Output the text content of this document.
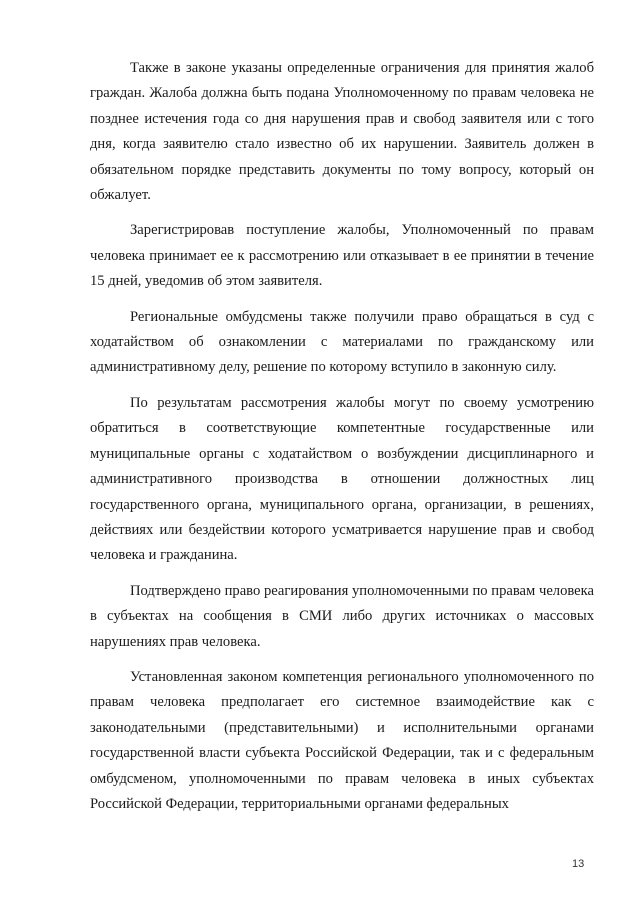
Также в законе указаны определенные ограничения для принятия жалоб граждан. Жалоба должна быть подана Уполномоченному по правам человека не позднее истечения года со дня нарушения прав и свобод заявителя или с того дня, когда заявителю стало известно об их нарушении. Заявитель должен в обязательном порядке представить документы по тому вопросу, который он обжалует.

Зарегистрировав поступление жалобы, Уполномоченный по правам человека принимает ее к рассмотрению или отказывает в ее принятии в течение 15 дней, уведомив об этом заявителя.

Региональные омбудсмены также получили право обращаться в суд с ходатайством об ознакомлении с материалами по гражданскому или административному делу, решение по которому вступило в законную силу.

По результатам рассмотрения жалобы могут по своему усмотрению обратиться в соответствующие компетентные государственные или муниципальные органы с ходатайством о возбуждении дисциплинарного и административного производства в отношении должностных лиц государственного органа, муниципального органа, организации, в решениях, действиях или бездействии которого усматривается нарушение прав и свобод человека и гражданина.

Подтверждено право реагирования уполномоченными по правам человека в субъектах на сообщения в СМИ либо других источниках о массовых нарушениях прав человека.

Установленная законом компетенция регионального уполномоченного по правам человека предполагает его системное взаимодействие как с законодательными (представительными) и исполнительными органами государственной власти субъекта Российской Федерации, так и с федеральным омбудсменом, уполномоченными по правам человека в иных субъектах Российской Федерации, территориальными органами федеральных

13
